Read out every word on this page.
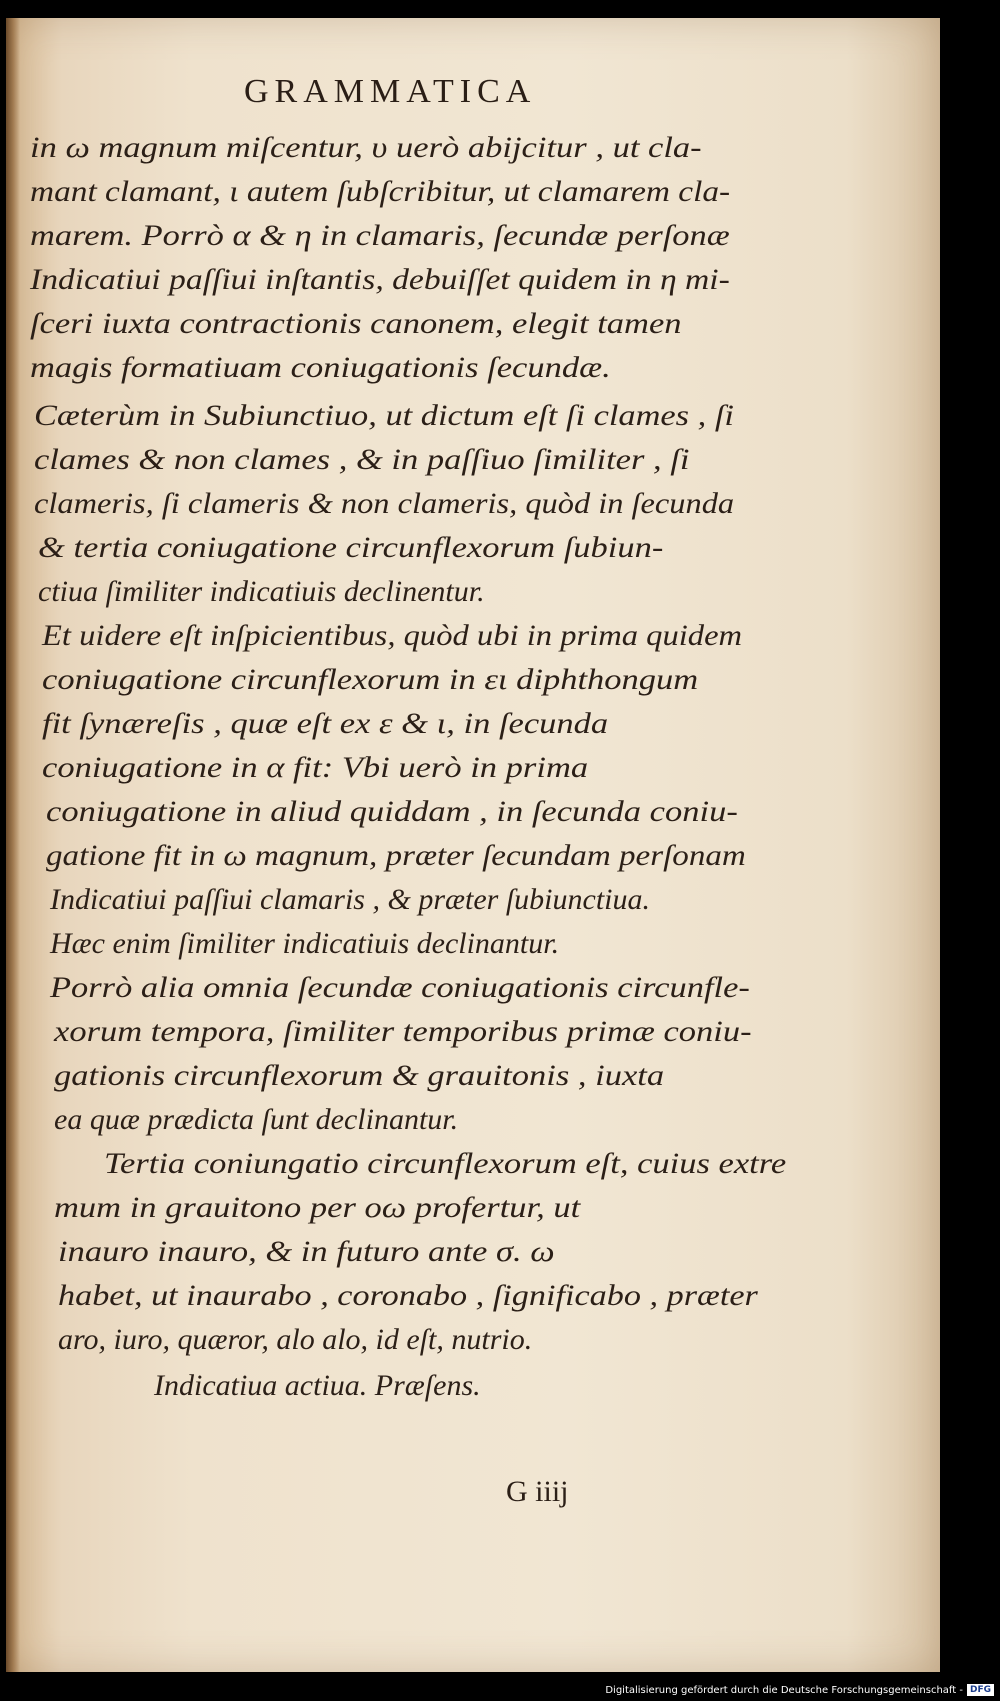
GRAMMATICA
in ω magnum miſcentur, υ uerò abijcitur , ut cla-
mant clamant, ι autem ſubſcribitur, ut clamarem cla-
marem. Porrò α & η in clamaris, ſecundæ perſonæ
Indicatiui paſſiui inſtantis, debuiſſet quidem in η mi-
ſceri iuxta contractionis canonem, elegit tamen
magis formatiuam coniugationis ſecundæ.
Cæterùm in Subiunctiuo, ut dictum eſt ſi clames , ſi
clames & non clames , & in paſſiuo ſimiliter , ſi
clameris, ſi clameris & non clameris, quòd in ſecunda
& tertia coniugatione circunflexorum ſubiun-
ctiua ſimiliter indicatiuis declinentur.
Et uidere eſt inſpicientibus, quòd ubi in prima quidem
coniugatione circunflexorum in ει diphthongum
fit ſynæreſis , quæ eſt ex ε & ι, in ſecunda
coniugatione in α fit: Vbi uerò in prima
coniugatione in aliud quiddam , in ſecunda coniu-
gatione fit in ω magnum, præter ſecundam perſonam
Indicatiui paſſiui clamaris , & præter ſubiunctiua.
Hæc enim ſimiliter indicatiuis declinantur.
Porrò alia omnia ſecundæ coniugationis circunfle-
xorum tempora, ſimiliter temporibus primæ coniu-
gationis circunflexorum & grauitonis , iuxta
ea quæ prædicta ſunt declinantur.
Tertia coniungatio circunflexorum eſt, cuius extre
mum in grauitono per οω profertur, ut
inauro inauro, & in futuro ante σ. ω
habet, ut inaurabo , coronabo , ſignificabo , præter
aro, iuro, quæror, alo alo, id eſt, nutrio.
Indicatiua actiua. Præſens.
G iiij
Digitalisierung gefördert durch die Deutsche Forschungsgemeinschaft - DFG
